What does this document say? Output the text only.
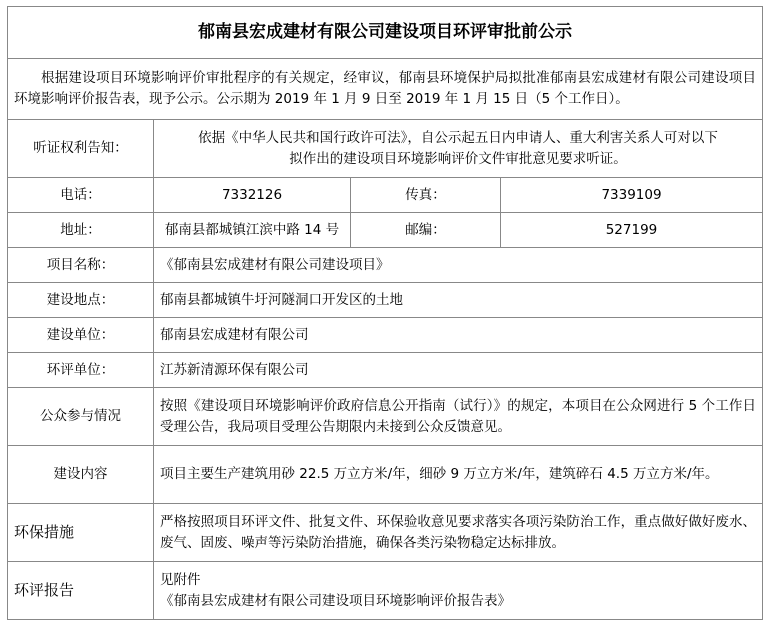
郁南县宏成建材有限公司建设项目环评审批前公示			
根据建设项目环境影响评价审批程序的有关规定，经审议，郁南县环境保护局拟批准郁南县宏成建材有限公司建设项目环境影响评价报告表，现予公示。公示期为 2019 年 1 月 9 日至 2019 年 1 月 15 日（5 个工作日）。			
听证权利告知：	依据《中华人民共和国行政许可法》，自公示起五日内申请人、重大利害关系人可对以下
拟作出的建设项目环境影响评价文件审批意见要求听证。		

电话：	7332126	传真：	7339109
地址：	郁南县都城镇江滨中路 14 号	邮编：	527199
项目名称：	《郁南县宏成建材有限公司建设项目》		
建设地点：	郁南县都城镇牛圩河隧洞口开发区的土地		
建设单位：	郁南县宏成建材有限公司		
环评单位：	江苏新清源环保有限公司		
公众参与情况	按照《建设项目环境影响评价政府信息公开指南（试行）》的规定，本项目在公众网进行 5 个工作日受理公告，我局项目受理公告期限内未接到公众反馈意见。		
建设内容	项目主要生产建筑用砂 22.5 万立方米/年，细砂 9 万立方米/年，建筑碎石 4.5 万立方米/年。		
环保措施	严格按照项目环评文件、批复文件、环保验收意见要求落实各项污染防治工作，重点做好做好废水、废气、固废、噪声等污染防治措施，确保各类污染物稳定达标排放。		
环评报告	见附件
《郁南县宏成建材有限公司建设项目环境影响评价报告表》		
